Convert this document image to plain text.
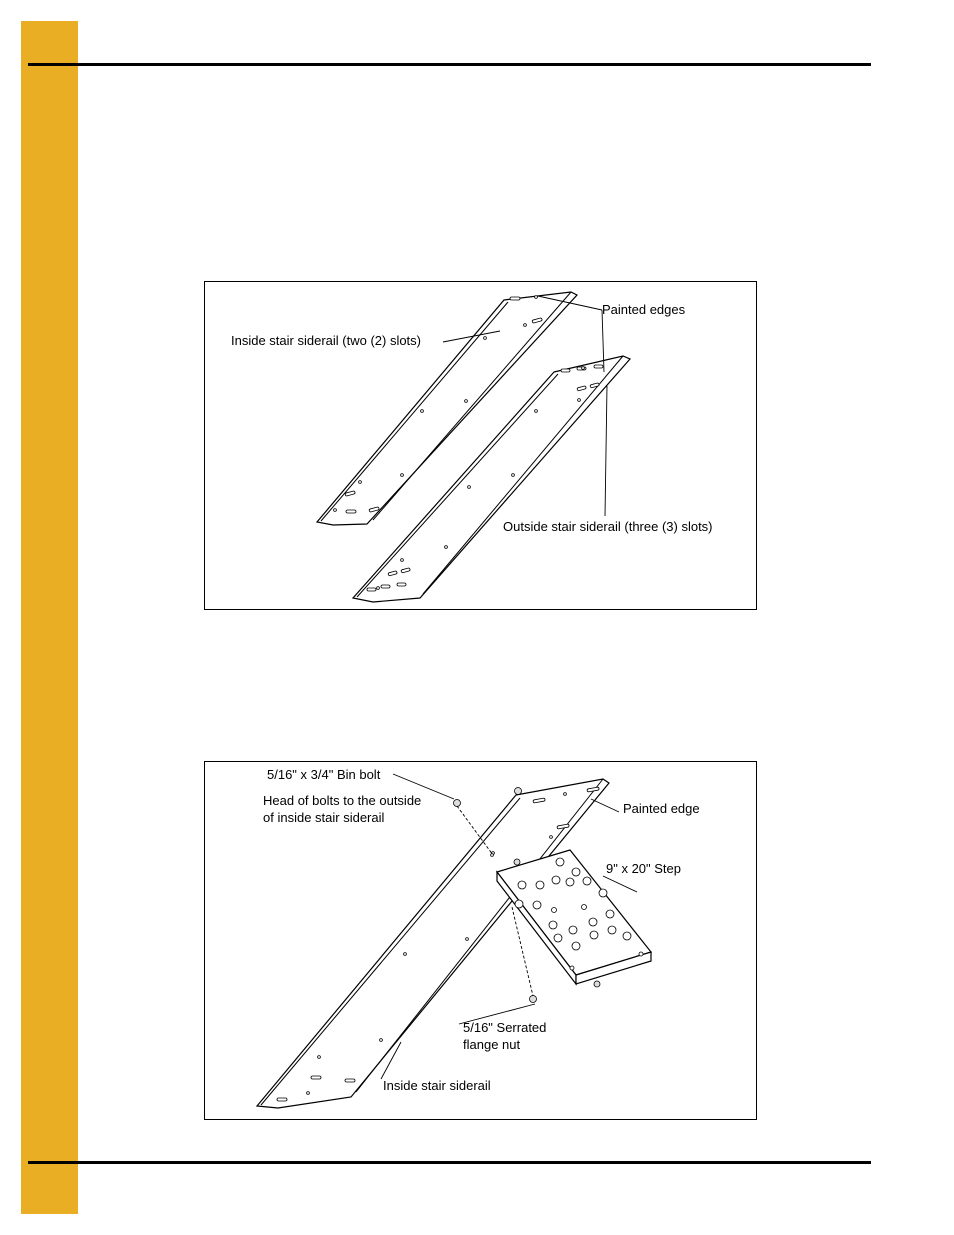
Inside stair siderail (two (2) slots)
Painted edges
Outside stair siderail (three (3) slots)
5/16" x 3/4" Bin bolt
Head of bolts to the outside
of inside stair siderail
Painted edge
9" x 20" Step
5/16" Serrated
flange nut
Inside stair siderail
